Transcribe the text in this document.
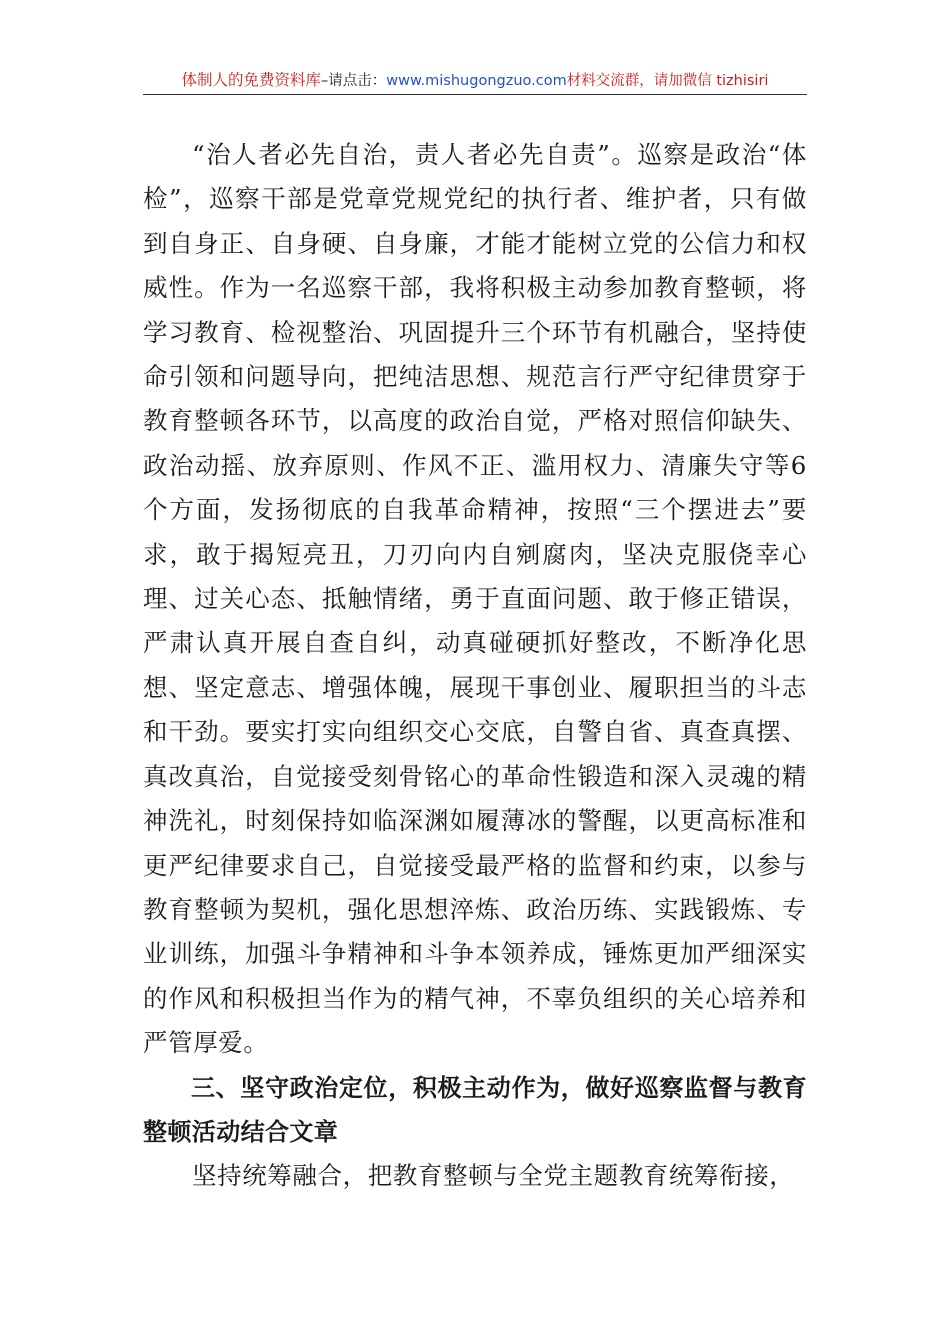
体制人的免费资料库–请点击：www.mishugongzuo.com材料交流群，请加微信 tizhisiri

“治人者必先自治，责人者必先自责”。巡察是政治“体检”，巡察干部是党章党规党纪的执行者、维护者，只有做到自身正、自身硬、自身廉，才能才能树立党的公信力和权威性。作为一名巡察干部，我将积极主动参加教育整顿，将学习教育、检视整治、巩固提升三个环节有机融合，坚持使命引领和问题导向，把纯洁思想、规范言行严守纪律贯穿于教育整顿各环节，以高度的政治自觉，严格对照信仰缺失、政治动摇、放弃原则、作风不正、滥用权力、清廉失守等6个方面，发扬彻底的自我革命精神，按照“三个摆进去”要求，敢于揭短亮丑，刀刃向内自剜腐肉，坚决克服侥幸心理、过关心态、抵触情绪，勇于直面问题、敢于修正错误，严肃认真开展自查自纠，动真碰硬抓好整改，不断净化思想、坚定意志、增强体魄，展现干事创业、履职担当的斗志和干劲。要实打实向组织交心交底，自警自省、真查真摆、真改真治，自觉接受刻骨铭心的革命性锻造和深入灵魂的精神洗礼，时刻保持如临深渊如履薄冰的警醒，以更高标准和更严纪律要求自己，自觉接受最严格的监督和约束，以参与教育整顿为契机，强化思想淬炼、政治历练、实践锻炼、专业训练，加强斗争精神和斗争本领养成，锤炼更加严细深实的作风和积极担当作为的精气神，不辜负组织的关心培养和严管厚爱。

三、坚守政治定位，积极主动作为，做好巡察监督与教育整顿活动结合文章

坚持统筹融合，把教育整顿与全党主题教育统筹衔接，
